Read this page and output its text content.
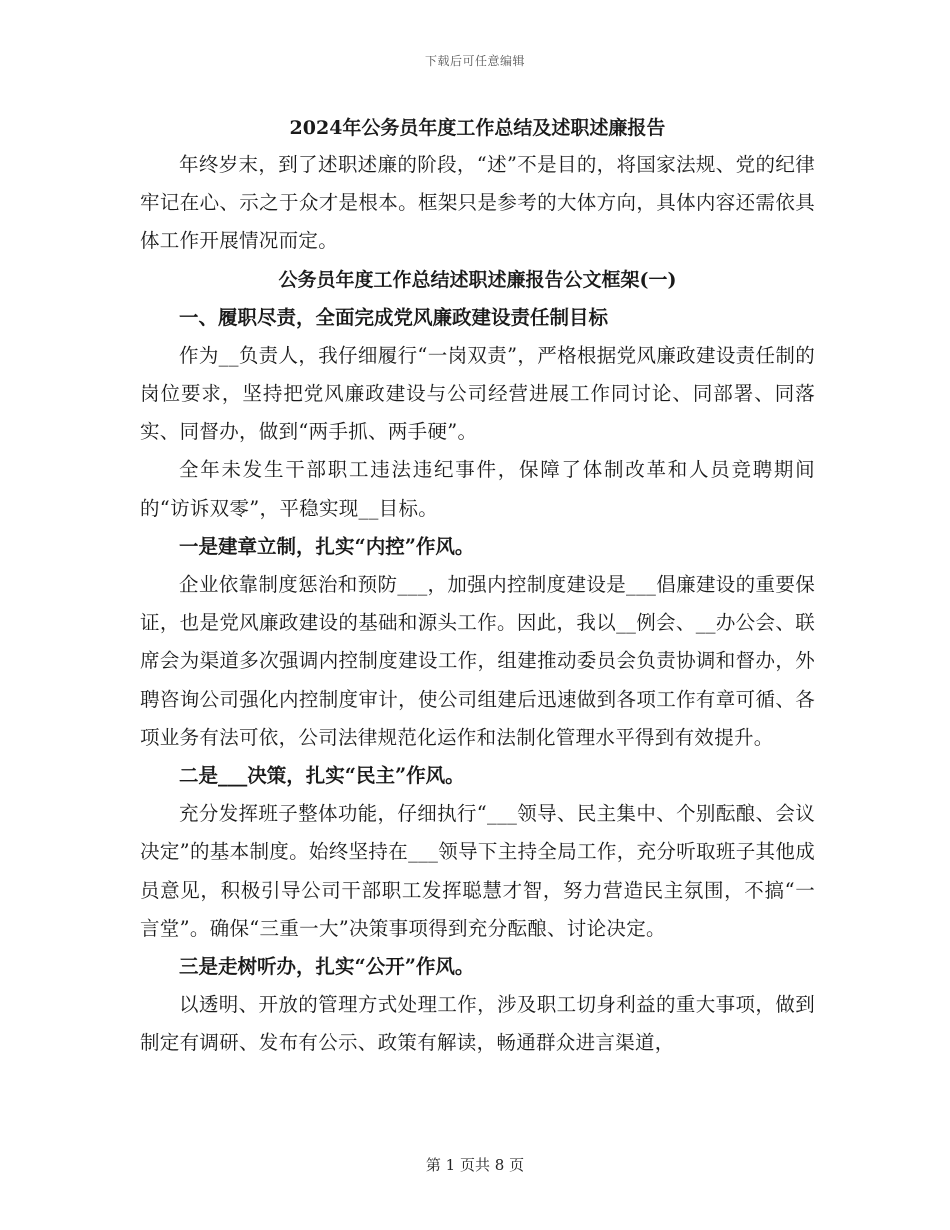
下载后可任意编辑

2024年公务员年度工作总结及述职述廉报告

年终岁末，到了述职述廉的阶段，“述”不是目的，将国家法规、党的纪律牢记在心、示之于众才是根本。框架只是参考的大体方向，具体内容还需依具体工作开展情况而定。

公务员年度工作总结述职述廉报告公文框架(一)

一、履职尽责，全面完成党风廉政建设责任制目标

作为__负责人，我仔细履行“一岗双责”，严格根据党风廉政建设责任制的岗位要求，坚持把党风廉政建设与公司经营进展工作同讨论、同部署、同落实、同督办，做到“两手抓、两手硬”。

全年未发生干部职工违法违纪事件，保障了体制改革和人员竞聘期间的“访诉双零”，平稳实现__目标。

一是建章立制，扎实“内控”作风。

企业依靠制度惩治和预防___，加强内控制度建设是___倡廉建设的重要保证，也是党风廉政建设的基础和源头工作。因此，我以__例会、__办公会、联席会为渠道多次强调内控制度建设工作，组建推动委员会负责协调和督办，外聘咨询公司强化内控制度审计，使公司组建后迅速做到各项工作有章可循、各项业务有法可依，公司法律规范化运作和法制化管理水平得到有效提升。

二是___决策，扎实“民主”作风。

充分发挥班子整体功能，仔细执行“___领导、民主集中、个别酝酿、会议决定”的基本制度。始终坚持在___领导下主持全局工作，充分听取班子其他成员意见，积极引导公司干部职工发挥聪慧才智，努力营造民主氛围，不搞“一言堂”。确保“三重一大”决策事项得到充分酝酿、讨论决定。

三是走树听办，扎实“公开”作风。

以透明、开放的管理方式处理工作，涉及职工切身利益的重大事项，做到制定有调研、发布有公示、政策有解读，畅通群众进言渠道，

第 1 页共 8 页
